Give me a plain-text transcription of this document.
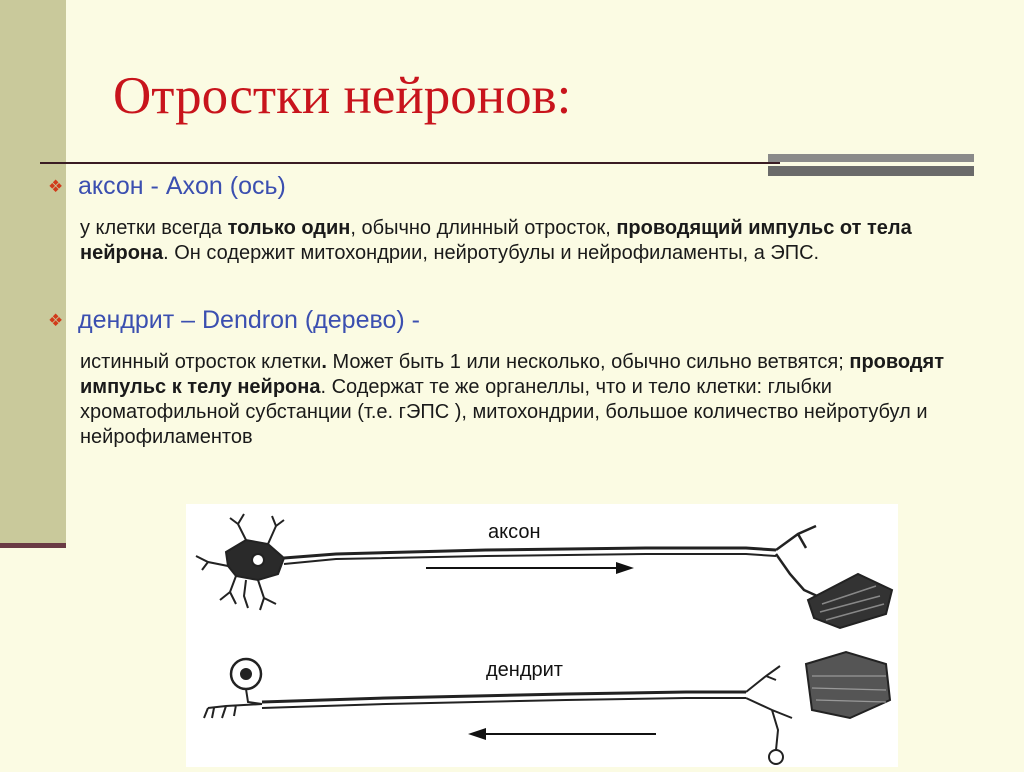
Отростки нейронов:
❖ аксон - Axon (ось)
у клетки всегда только один, обычно длинный отросток, проводящий импульс от тела нейрона. Он содержит митохондрии, нейротубулы и нейрофиламенты, а ЭПС.
❖ дендрит – Dendron (дерево) -
истинный отросток клетки. Может быть 1 или несколько, обычно сильно ветвятся; проводят импульс к телу нейрона. Содержат те же органеллы, что и тело клетки: глыбки хроматофильной субстанции (т.е. гЭПС ), митохондрии, большое количество нейротубул и нейрофиламентов
аксон
дендрит
